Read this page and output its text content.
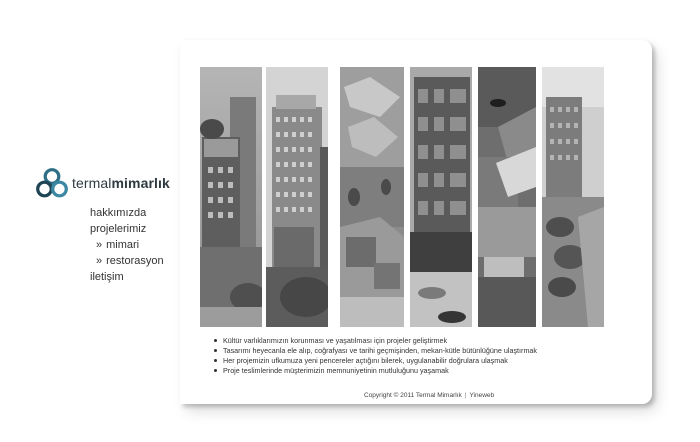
termalmimarlık
hakkımızda
projelerimiz
» mimari
» restorasyon
iletişim
Kültür varlıklarımızın korunması ve yaşatılması için projeler geliştirmek
Tasarımı heyecanla ele alıp, coğrafyası ve tarihi geçmişinden, mekan-kütle bütünlüğüne ulaştırmak
Her projemizin ufkumuza yeni pencereler açtığını bilerek, uygulanabilir doğrulara ulaşmak
Proje teslimlerinde müşterimizin memnuniyetinin mutluluğunu yaşamak
Copyright © 2011 Termal Mimarlık | Yineweb
